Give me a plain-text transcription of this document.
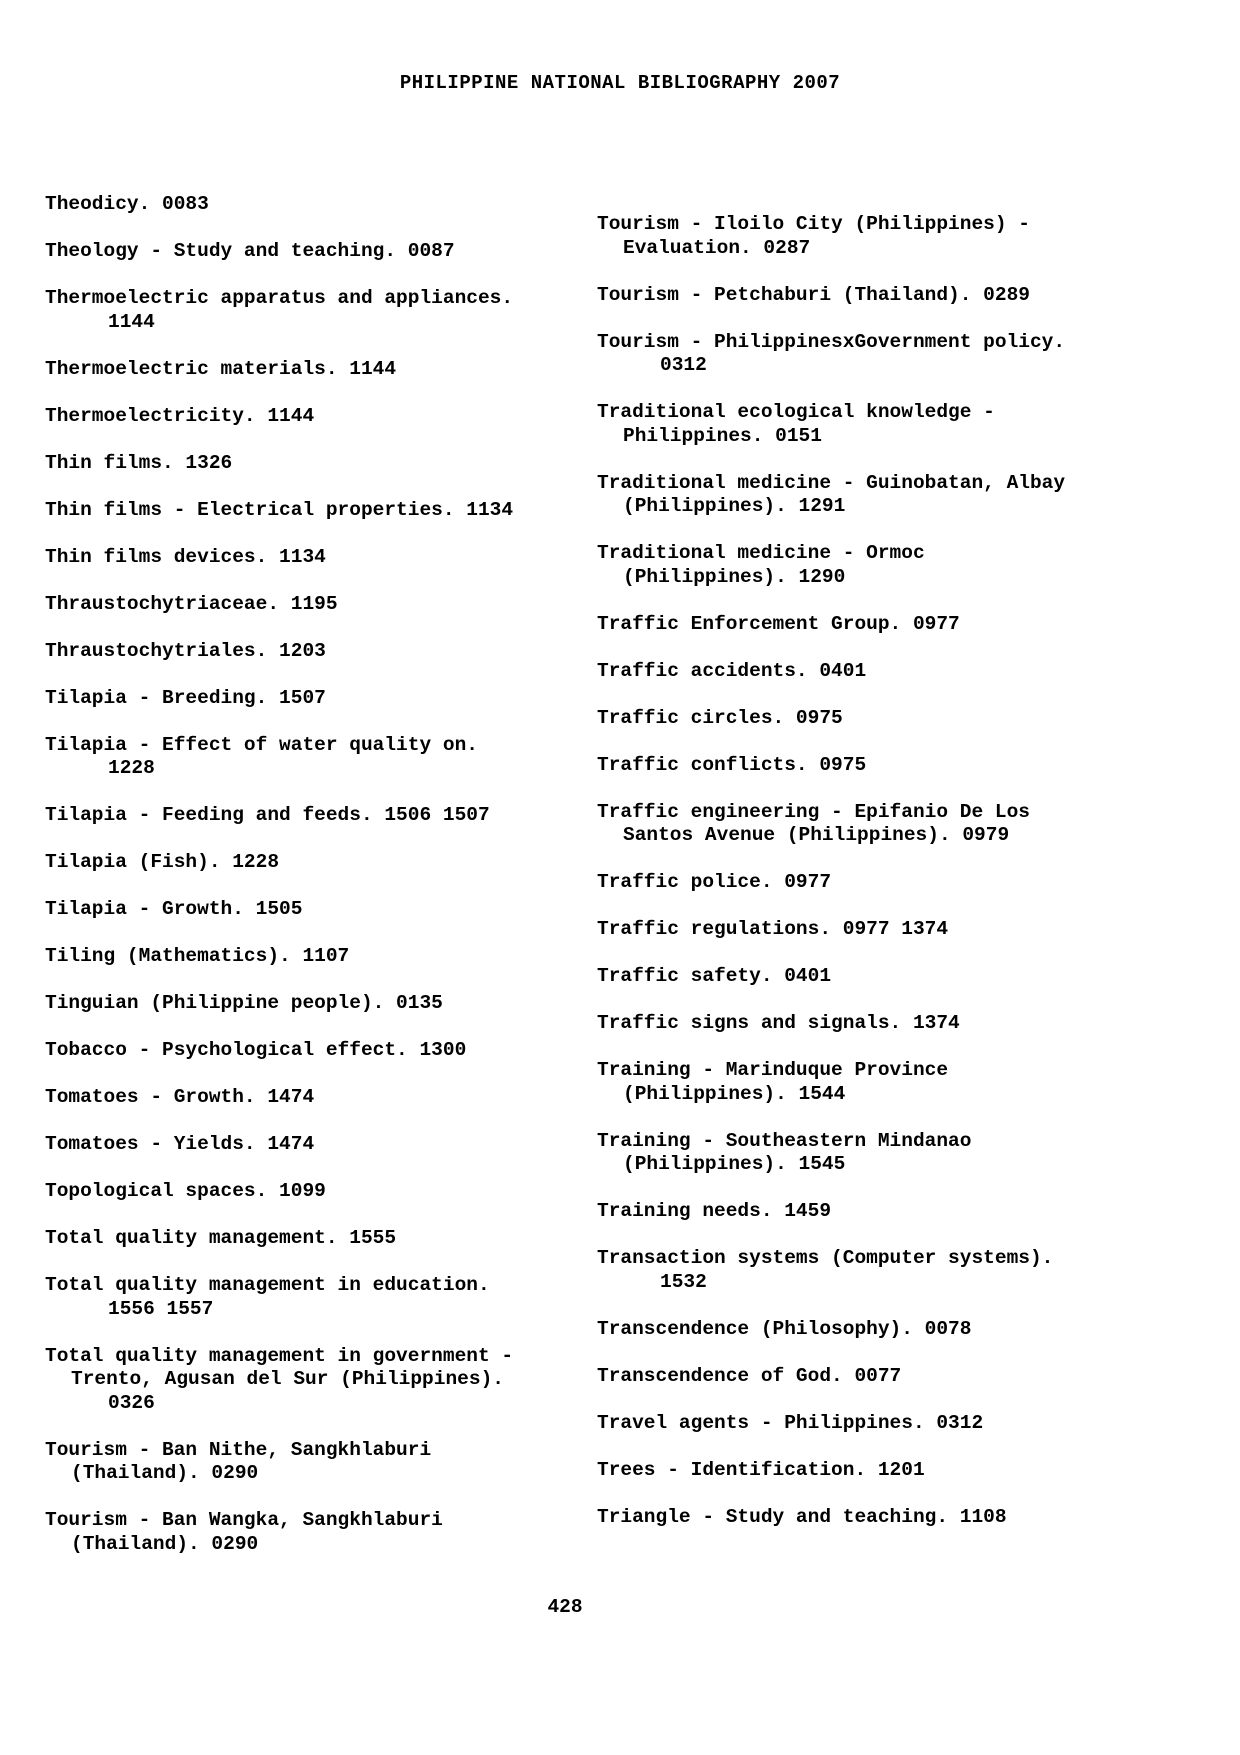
PHILIPPINE NATIONAL BIBLIOGRAPHY 2007
Theodicy. 0083
Theology - Study and teaching. 0087
Thermoelectric apparatus and appliances.
1144
Thermoelectric materials. 1144
Thermoelectricity. 1144
Thin films. 1326
Thin films - Electrical properties. 1134
Thin films devices. 1134
Thraustochytriaceae. 1195
Thraustochytriales. 1203
Tilapia - Breeding. 1507
Tilapia - Effect of water quality on.
1228
Tilapia - Feeding and feeds. 1506 1507
Tilapia (Fish). 1228
Tilapia - Growth. 1505
Tiling (Mathematics). 1107
Tinguian (Philippine people). 0135
Tobacco - Psychological effect. 1300
Tomatoes - Growth. 1474
Tomatoes - Yields. 1474
Topological spaces. 1099
Total quality management. 1555
Total quality management in education.
1556 1557
Total quality management in government -
Trento, Agusan del Sur (Philippines).
0326
Tourism - Ban Nithe, Sangkhlaburi
(Thailand). 0290
Tourism - Ban Wangka, Sangkhlaburi
(Thailand). 0290
Tourism - Iloilo City (Philippines) -
Evaluation. 0287
Tourism - Petchaburi (Thailand). 0289
Tourism - PhilippinesxGovernment policy.
0312
Traditional ecological knowledge -
Philippines. 0151
Traditional medicine - Guinobatan, Albay
(Philippines). 1291
Traditional medicine - Ormoc
(Philippines). 1290
Traffic Enforcement Group. 0977
Traffic accidents. 0401
Traffic circles. 0975
Traffic conflicts. 0975
Traffic engineering - Epifanio De Los
Santos Avenue (Philippines). 0979
Traffic police. 0977
Traffic regulations. 0977 1374
Traffic safety. 0401
Traffic signs and signals. 1374
Training - Marinduque Province
(Philippines). 1544
Training - Southeastern Mindanao
(Philippines). 1545
Training needs. 1459
Transaction systems (Computer systems).
1532
Transcendence (Philosophy). 0078
Transcendence of God. 0077
Travel agents - Philippines. 0312
Trees - Identification. 1201
Triangle - Study and teaching. 1108
428
